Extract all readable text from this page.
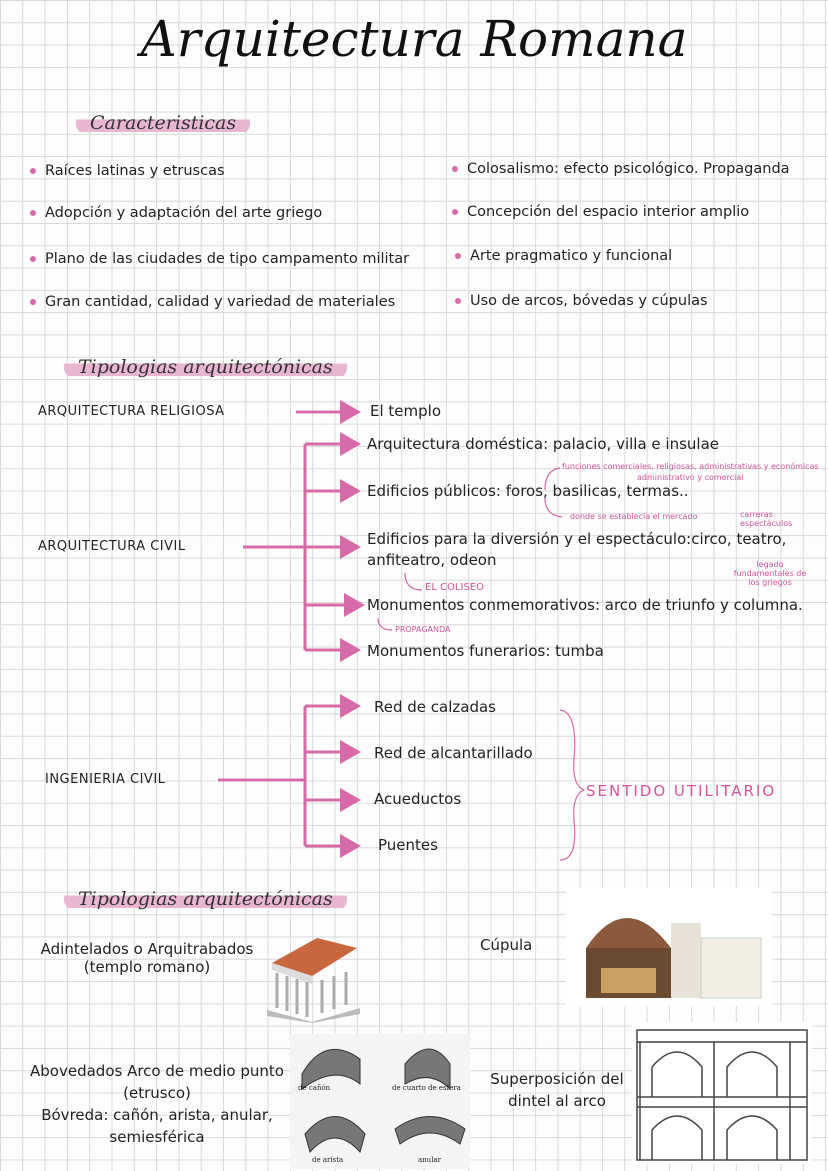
Arquitectura Romana
Caracteristicas
Raíces latinas y etruscas
Adopción y adaptación del arte griego
Plano de las ciudades de tipo campamento militar
Gran cantidad, calidad y variedad de materiales
Colosalismo: efecto psicológico. Propaganda
Concepción del espacio interior amplio
Arte pragmatico y funcional
Uso de arcos, bóvedas y cúpulas
Tipologias arquitectónicas
ARQUITECTURA RELIGIOSA	El templo
ARQUITECTURA CIVIL
Arquitectura doméstica: palacio, villa e insulae
Edificios públicos: foros, basilicas, termas..
Edificios para la diversión y el espectáculo:circo, teatro,
anfiteatro, odeon
Monumentos conmemorativos: arco de triunfo y columna.
Monumentos funerarios: tumba
funciones comerciales, religiosas, administrativas y económicas
administrativo y comercial
donde se establecía el mercado	carreras espectáculos
legado fundamentales de los griegos
EL COLISEO
PROPAGANDA
INGENIERIA CIVIL
Red de calzadas
Red de alcantarillado
Acueductos
Puentes
SENTIDO UTILITARIO
Tipologias arquitectónicas
Adintelados o Arquitrabados
(templo romano)
Cúpula
Abovedados Arco de medio punto
(etrusco)
Bóvreda: cañón, arista, anular,
semiesférica
de cañón	de cuarto de esfera
de arista	anular
Superposición del
dintel al arco
